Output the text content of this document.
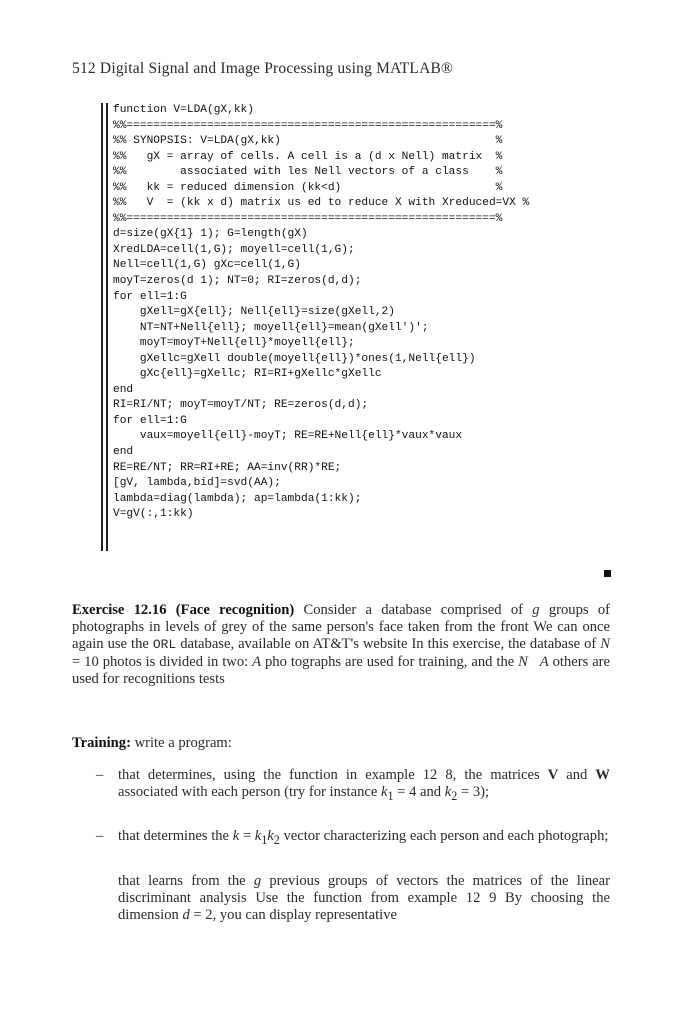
512 Digital Signal and Image Processing using MATLAB®
function V=LDA(gX,kk)
%%=======================================================%
%% SYNOPSIS: V=LDA(gX,kk)                                %
%%   gX = array of cells. A cell is a (d x Nell) matrix  %
%%        associated with les Nell vectors of a class    %
%%   kk = reduced dimension (kk<d)                       %
%%   V  = (kk x d) matrix us ed to reduce X with Xreduced=VX %
%%=======================================================%
d=size(gX{1} 1); G=length(gX)
XredLDA=cell(1,G); moyell=cell(1,G);
Nell=cell(1,G) gXc=cell(1,G)
moyT=zeros(d 1); NT=0; RI=zeros(d,d);
for ell=1:G
gXell=gX{ell}; Nell{ell}=size(gXell,2)
NT=NT+Nell{ell}; moyell{ell}=mean(gXell')';
moyT=moyT+Nell{ell}*moyell{ell};
gXellc=gXell double(moyell{ell})*ones(1,Nell{ell})
gXc{ell}=gXellc; RI=RI+gXellc*gXellc
end
RI=RI/NT; moyT=moyT/NT; RE=zeros(d,d);
for ell=1:G
vaux=moyell{ell}-moyT; RE=RE+Nell{ell}*vaux*vaux
end
RE=RE/NT; RR=RI+RE; AA=inv(RR)*RE;
[gV, lambda,bid]=svd(AA);
lambda=diag(lambda); ap=lambda(1:kk);
V=gV(:,1:kk)
Exercise 12.16 (Face recognition) Consider a database comprised of g groups of photographs in levels of grey of the same person's face taken from the front We can once again use the ORL database, available on AT&T's website In this exercise, the database of N = 10 photos is divided in two: A pho tographs are used for training, and the N A others are used for recognitions tests
Training: write a program:
– that determines, using the function in example 12 8, the matrices V and W associated with each person (try for instance $k_1 = 4$ and $k_2 = 3$);
– that determines the $k = k_1k_2$ vector characterizing each person and each photograph;
that learns from the g previous groups of vectors the matrices of the linear discriminant analysis Use the function from example 12 9 By choosing the dimension d = 2, you can display representative
